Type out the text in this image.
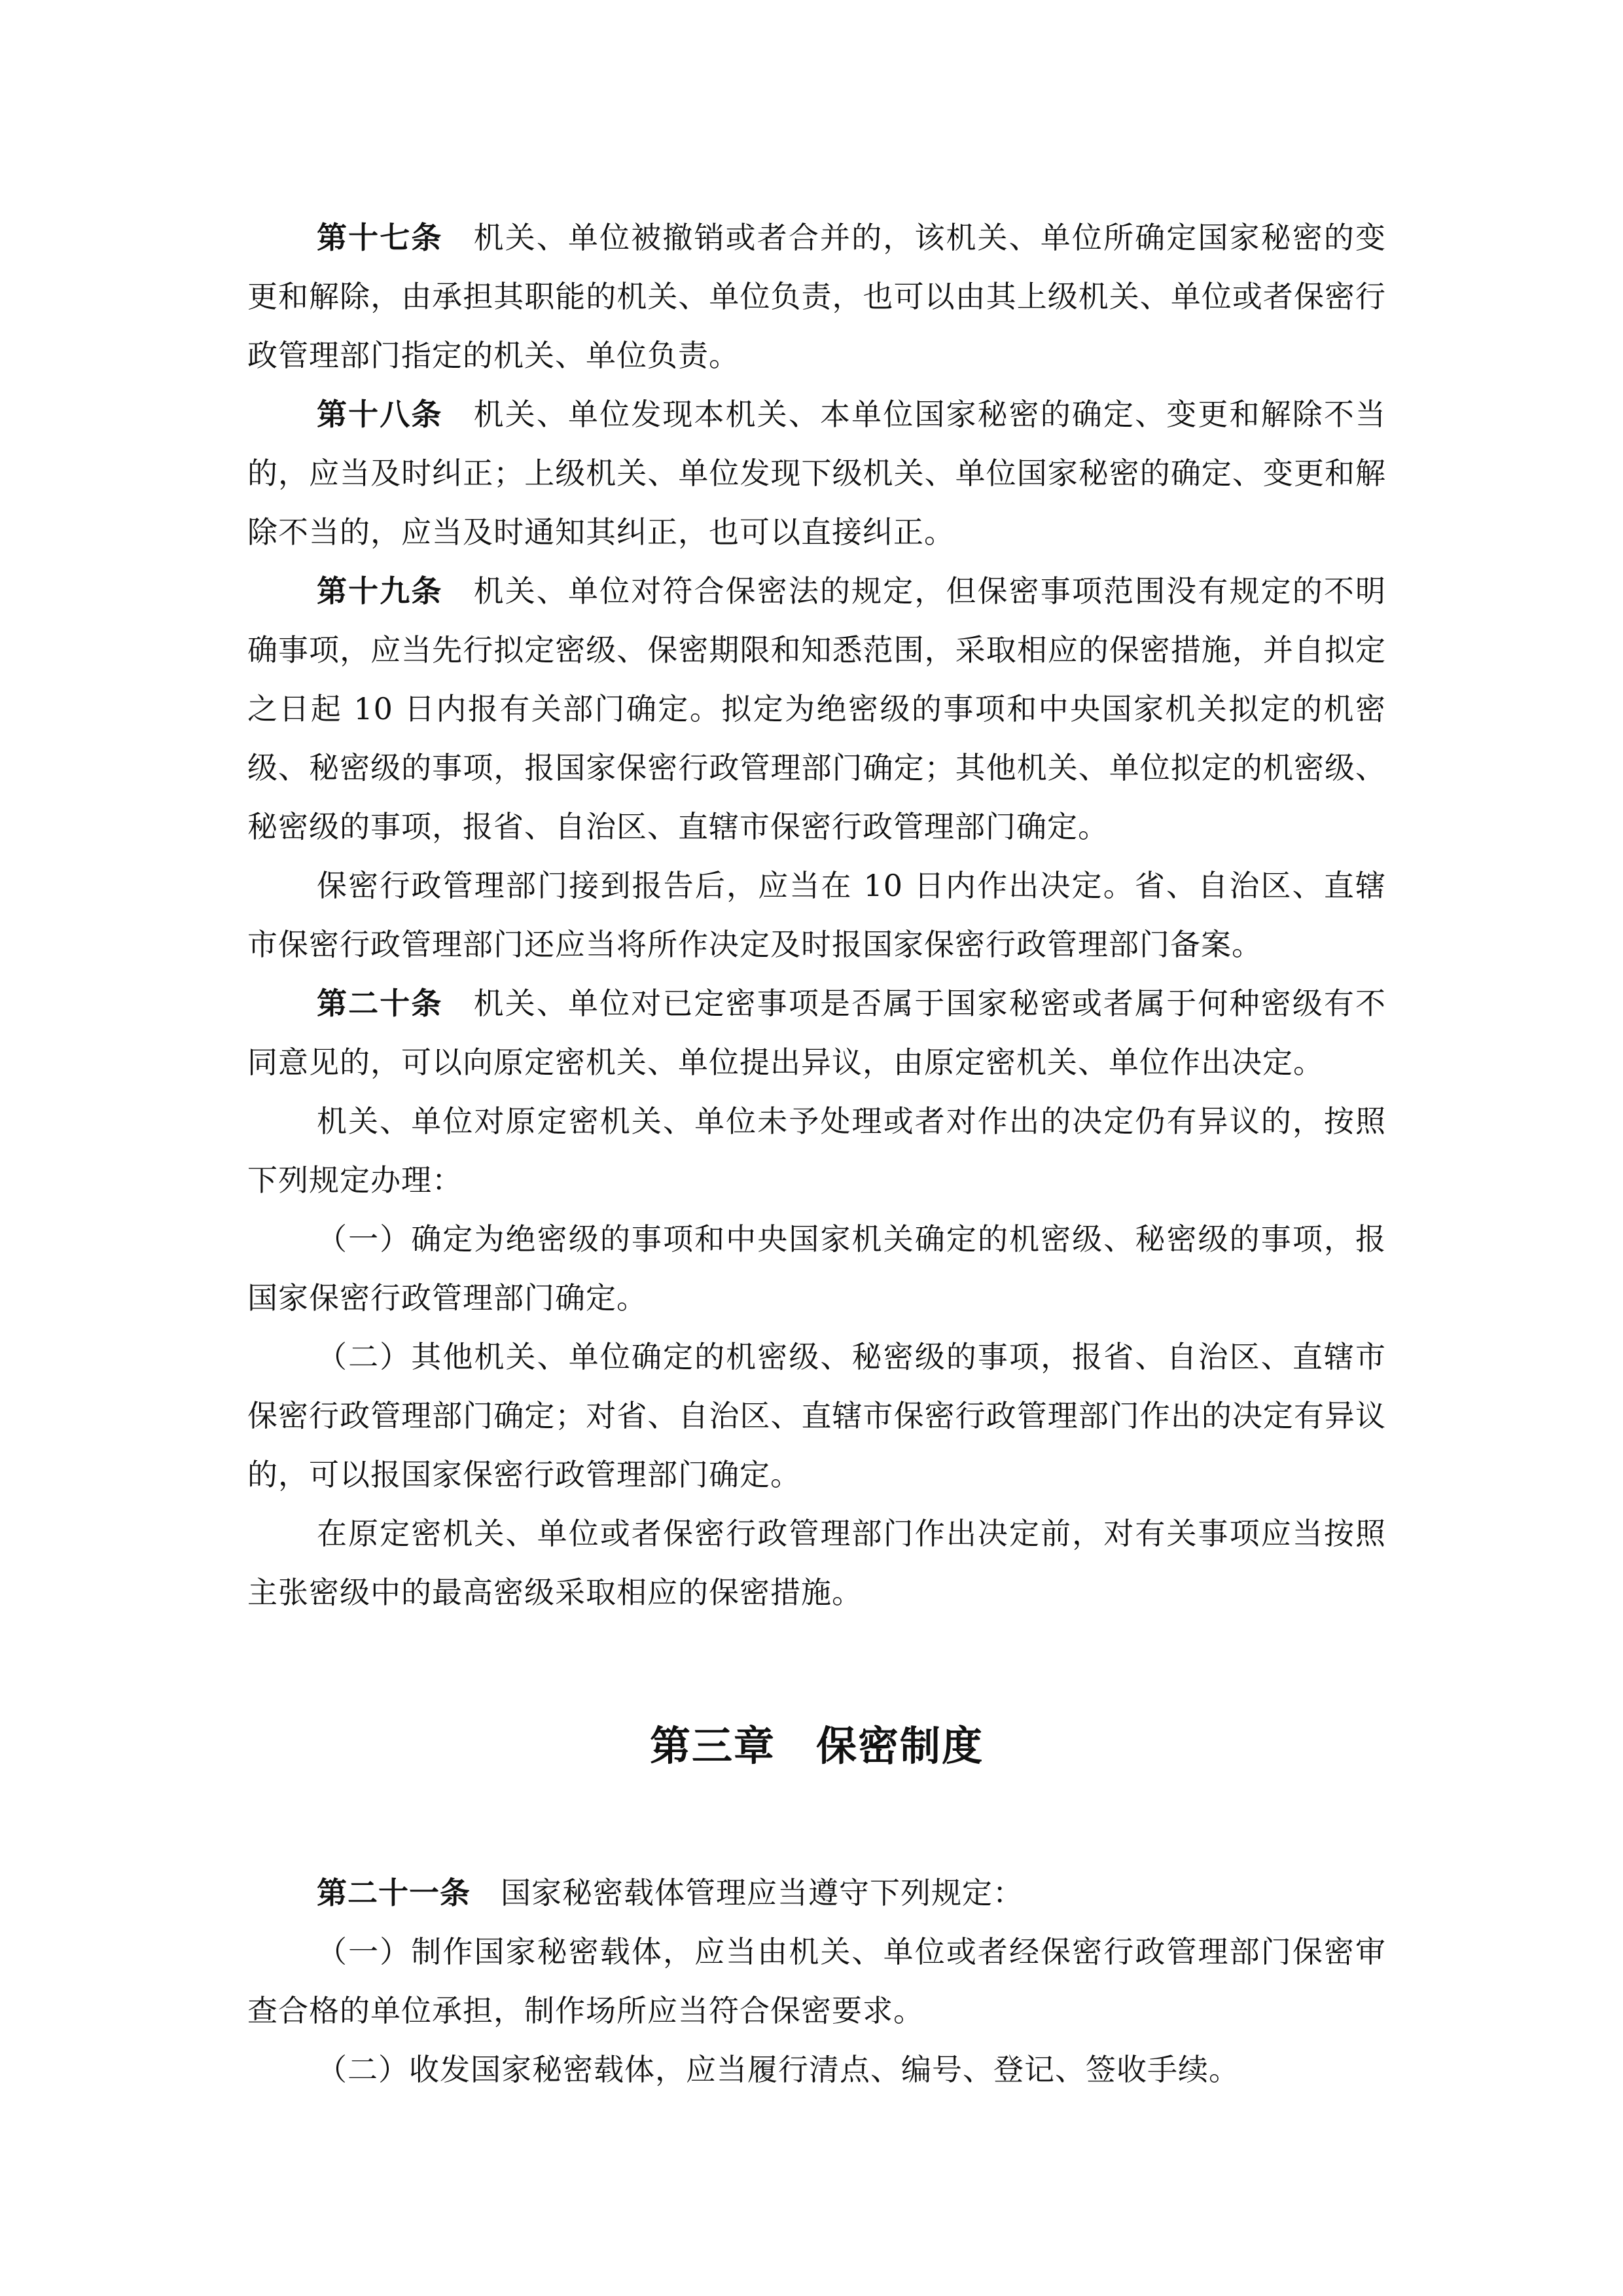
第十七条 机关、单位被撤销或者合并的，该机关、单位所确定国家秘密的变更和解除，由承担其职能的机关、单位负责，也可以由其上级机关、单位或者保密行政管理部门指定的机关、单位负责。

第十八条 机关、单位发现本机关、本单位国家秘密的确定、变更和解除不当的，应当及时纠正；上级机关、单位发现下级机关、单位国家秘密的确定、变更和解除不当的，应当及时通知其纠正，也可以直接纠正。

第十九条 机关、单位对符合保密法的规定，但保密事项范围没有规定的不明确事项，应当先行拟定密级、保密期限和知悉范围，采取相应的保密措施，并自拟定之日起 10 日内报有关部门确定。拟定为绝密级的事项和中央国家机关拟定的机密级、秘密级的事项，报国家保密行政管理部门确定；其他机关、单位拟定的机密级、秘密级的事项，报省、自治区、直辖市保密行政管理部门确定。

保密行政管理部门接到报告后，应当在 10 日内作出决定。省、自治区、直辖市保密行政管理部门还应当将所作决定及时报国家保密行政管理部门备案。

第二十条 机关、单位对已定密事项是否属于国家秘密或者属于何种密级有不同意见的，可以向原定密机关、单位提出异议，由原定密机关、单位作出决定。

机关、单位对原定密机关、单位未予处理或者对作出的决定仍有异议的，按照下列规定办理：

（一）确定为绝密级的事项和中央国家机关确定的机密级、秘密级的事项，报国家保密行政管理部门确定。

（二）其他机关、单位确定的机密级、秘密级的事项，报省、自治区、直辖市保密行政管理部门确定；对省、自治区、直辖市保密行政管理部门作出的决定有异议的，可以报国家保密行政管理部门确定。

在原定密机关、单位或者保密行政管理部门作出决定前，对有关事项应当按照主张密级中的最高密级采取相应的保密措施。

第三章 保密制度

第二十一条 国家秘密载体管理应当遵守下列规定：

（一）制作国家秘密载体，应当由机关、单位或者经保密行政管理部门保密审查合格的单位承担，制作场所应当符合保密要求。

（二）收发国家秘密载体，应当履行清点、编号、登记、签收手续。
